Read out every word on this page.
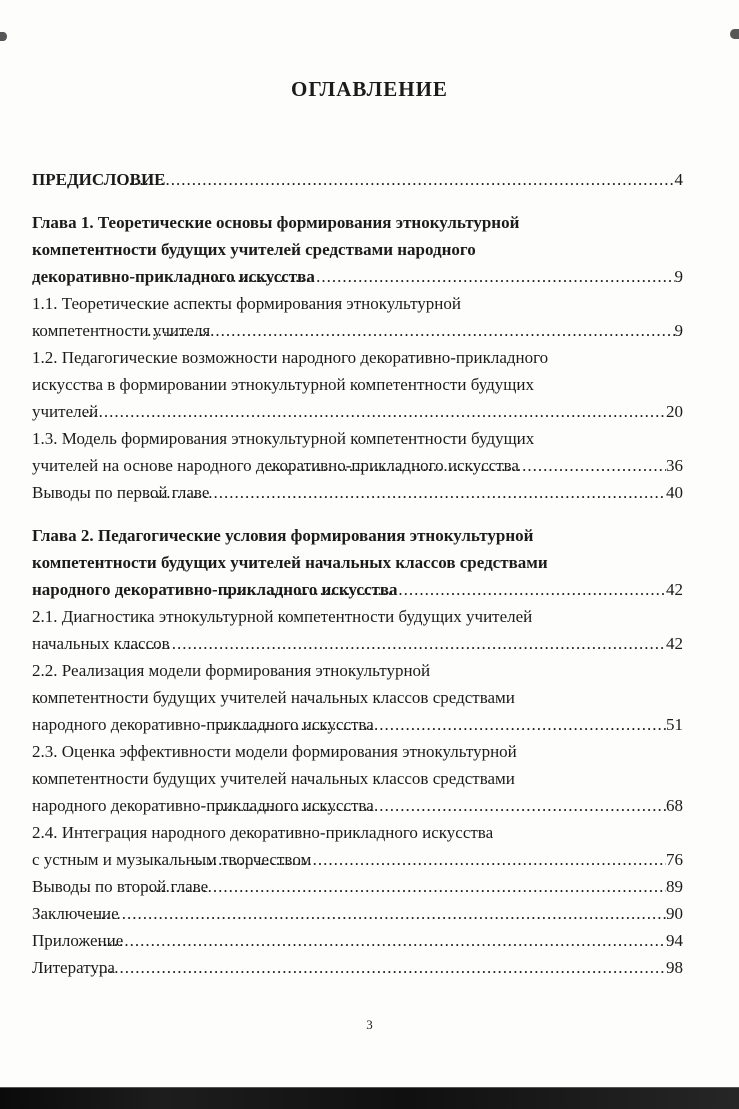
ОГЛАВЛЕНИЕ
ПРЕДИСЛОВИЕ .....	4
Глава 1. Теоретические основы формирования этнокультурной
компетентности будущих учителей средствами народного
декоративно-прикладного искусства .....	9
1.1. Теоретические аспекты формирования этнокультурной
компетентности учителя .....	9
1.2. Педагогические возможности народного декоративно-прикладного
искусства в формировании этнокультурной компетентности будущих
учителей .....	20
1.3. Модель формирования этнокультурной компетентности будущих
учителей на основе народного декоративно-прикладного искусства .....	36
Выводы по первой главе .....	40
Глава 2. Педагогические условия формирования этнокультурной
компетентности будущих учителей начальных классов средствами
народного декоративно-прикладного искусства .....	42
2.1. Диагностика этнокультурной компетентности будущих учителей
начальных классов .....	42
2.2. Реализация модели формирования этнокультурной
компетентности будущих учителей начальных классов средствами
народного декоративно-прикладного искусства .....	51
2.3. Оценка эффективности модели формирования этнокультурной
компетентности будущих учителей начальных классов средствами
народного декоративно-прикладного искусства .....	68
2.4. Интеграция народного декоративно-прикладного искусства
с устным и музыкальным творчеством .....	76
Выводы по второй главе .....	89
Заключение .....	90
Приложение .....	94
Литература .....	98
3
